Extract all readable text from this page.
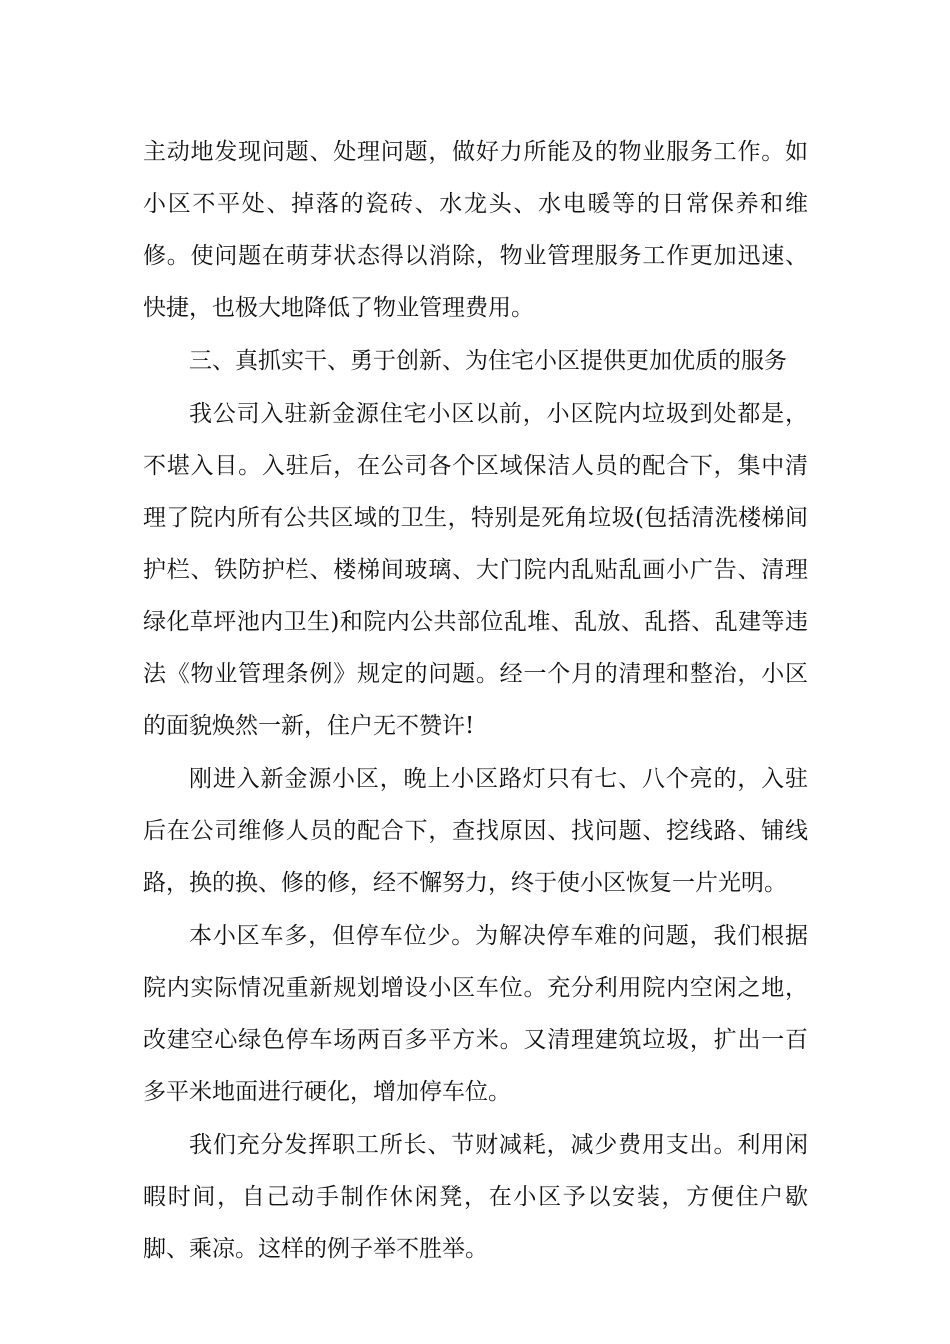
主动地发现问题、处理问题，做好力所能及的物业服务工作。如小区不平处、掉落的瓷砖、水龙头、水电暖等的日常保养和维修。使问题在萌芽状态得以消除，物业管理服务工作更加迅速、快捷，也极大地降低了物业管理费用。

三、真抓实干、勇于创新、为住宅小区提供更加优质的服务

我公司入驻新金源住宅小区以前，小区院内垃圾到处都是，不堪入目。入驻后，在公司各个区域保洁人员的配合下，集中清理了院内所有公共区域的卫生，特别是死角垃圾(包括清洗楼梯间护栏、铁防护栏、楼梯间玻璃、大门院内乱贴乱画小广告、清理绿化草坪池内卫生)和院内公共部位乱堆、乱放、乱搭、乱建等违法《物业管理条例》规定的问题。经一个月的清理和整治，小区的面貌焕然一新，住户无不赞许!

刚进入新金源小区，晚上小区路灯只有七、八个亮的，入驻后在公司维修人员的配合下，查找原因、找问题、挖线路、铺线路，换的换、修的修，经不懈努力，终于使小区恢复一片光明。

本小区车多，但停车位少。为解决停车难的问题，我们根据院内实际情况重新规划增设小区车位。充分利用院内空闲之地，改建空心绿色停车场两百多平方米。又清理建筑垃圾，扩出一百多平米地面进行硬化，增加停车位。

我们充分发挥职工所长、节财减耗，减少费用支出。利用闲暇时间，自己动手制作休闲凳，在小区予以安装，方便住户歇脚、乘凉。这样的例子举不胜举。
